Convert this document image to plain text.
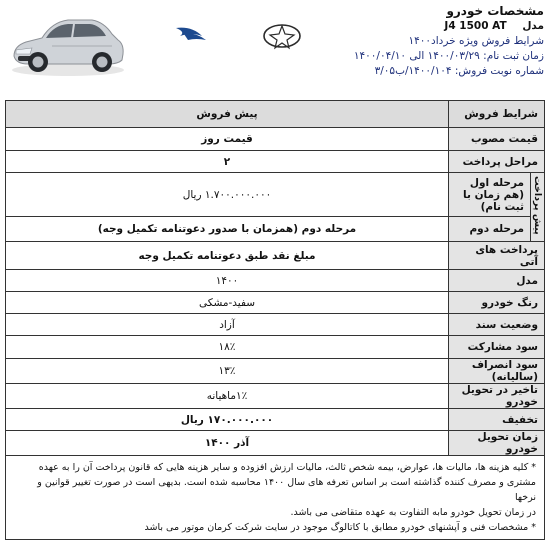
مشخصات خودرو
مدل J4 1500 AT
شرایط فروش ویژه خرداد۱۴۰۰
زمان ثبت نام: ۱۴۰۰/۰۳/۲۹ الی ۱۴۰۰/۰۴/۱۰
شماره نوبت فروش: ۱۴۰۰/۱۰۴/ب۳/۰۵
شرایط فروش		پیش فروش
قیمت مصوب		قیمت روز
مراحل پرداخت		۲
پیش پرداخت	مرحله اول (هم زمان با ثبت نام)	۱.۷۰۰.۰۰۰.۰۰۰ ریال
	مرحله دوم	مرحله دوم (همزمان با صدور دعوتنامه تکمیل وجه)
پرداخت های آتی		مبلغ نقد طبق دعوتنامه تکمیل وجه
مدل		۱۴۰۰
رنگ خودرو		سفید-مشکی
وضعیت سند		آزاد
سود مشارکت		۱۸٪
سود انصراف (سالیانه)		۱۳٪
تاخیر در تحویل خودرو		۱٪ماهیانه
تخفیف		۱۷۰.۰۰۰.۰۰۰ ریال
زمان تحویل خودرو		آذر ۱۴۰۰

* کلیه هزینه ها، مالیات ها، عوارض، بیمه شخص ثالث، مالیات ارزش افزوده و سایر هزینه هایی که قانون پرداخت آن را به عهده
مشتری و مصرف کننده گذاشته است بر اساس تعرفه های سال ۱۴۰۰ محاسبه شده است. بدیهی است در صورت تغییر قوانین و نرخها
در زمان تحویل خودرو مابه التفاوت به عهده متقاضی می باشد.
* مشخصات فنی و آپشنهای خودرو مطابق با کاتالوگ موجود در سایت شرکت کرمان موتور می باشد		
